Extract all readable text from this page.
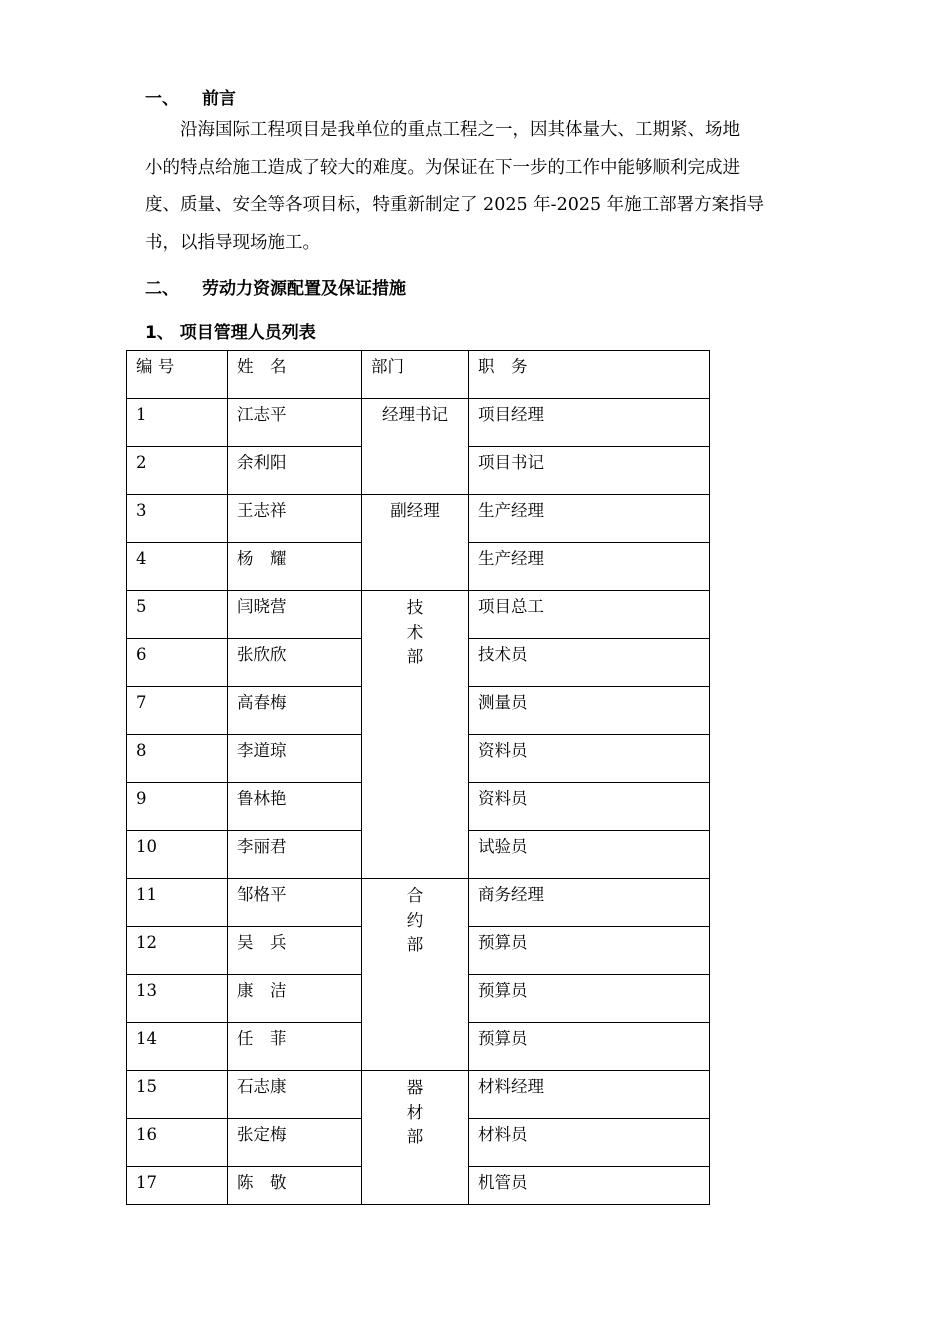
一、 前言
沿海国际工程项目是我单位的重点工程之一，因其体量大、工期紧、场地
小的特点给施工造成了较大的难度。为保证在下一步的工作中能够顺利完成进
度、质量、安全等各项目标，特重新制定了 2025 年-2025 年施工部署方案指导
书，以指导现场施工。
二、 劳动力资源配置及保证措施
1、 项目管理人员列表
编 号	姓　名	部门	职　务

1	江志平	经理书记	项目经理

2	余利阳		项目书记

3	王志祥	副经理	生产经理

4	杨　耀		生产经理

5	闫晓营	技术部	项目总工

6	张欣欣		技术员

7	高春梅		测量员

8	李道琼		资料员

9	鲁林艳		资料员

10	李丽君		试验员

11	邹格平	合约部	商务经理

12	吴　兵		预算员

13	康　洁		预算员

14	任　菲		预算员

15	石志康	器材部	材料经理

16	张定梅		材料员

17	陈　敬		机管员
